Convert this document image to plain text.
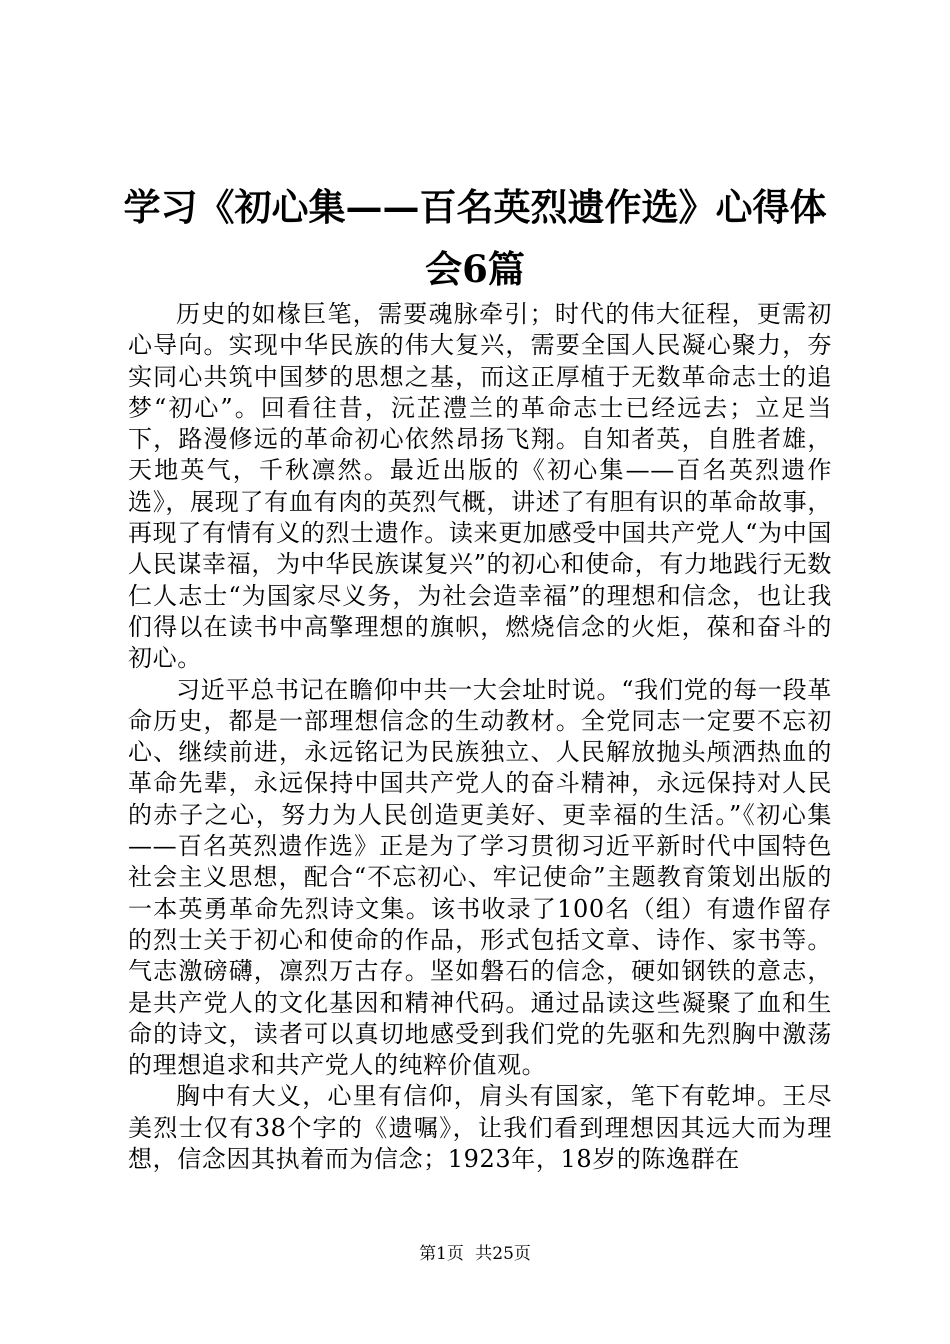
学习《初心集——百名英烈遗作选》心得体会6篇

历史的如椽巨笔，需要魂脉牵引；时代的伟大征程，更需初心导向。实现中华民族的伟大复兴，需要全国人民凝心聚力，夯实同心共筑中国梦的思想之基，而这正厚植于无数革命志士的追梦“初心”。回看往昔，沅芷澧兰的革命志士已经远去；立足当下，路漫修远的革命初心依然昂扬飞翔。自知者英，自胜者雄，天地英气，千秋凛然。最近出版的《初心集——百名英烈遗作选》，展现了有血有肉的英烈气概，讲述了有胆有识的革命故事，再现了有情有义的烈士遗作。读来更加感受中国共产党人“为中国人民谋幸福，为中华民族谋复兴”的初心和使命，有力地践行无数仁人志士“为国家尽义务，为社会造幸福”的理想和信念，也让我们得以在读书中高擎理想的旗帜，燃烧信念的火炬，葆和奋斗的初心。

习近平总书记在瞻仰中共一大会址时说。“我们党的每一段革命历史，都是一部理想信念的生动教材。全党同志一定要不忘初心、继续前进，永远铭记为民族独立、人民解放抛头颅洒热血的革命先辈，永远保持中国共产党人的奋斗精神，永远保持对人民的赤子之心，努力为人民创造更美好、更幸福的生活。”《初心集——百名英烈遗作选》正是为了学习贯彻习近平新时代中国特色社会主义思想，配合“不忘初心、牢记使命”主题教育策划出版的一本英勇革命先烈诗文集。该书收录了100名（组）有遗作留存的烈士关于初心和使命的作品，形式包括文章、诗作、家书等。气志激磅礴，凛烈万古存。坚如磐石的信念，硬如钢铁的意志，是共产党人的文化基因和精神代码。通过品读这些凝聚了血和生命的诗文，读者可以真切地感受到我们党的先驱和先烈胸中激荡的理想追求和共产党人的纯粹价值观。

胸中有大义，心里有信仰，肩头有国家，笔下有乾坤。王尽美烈士仅有38个字的《遗嘱》，让我们看到理想因其远大而为理想，信念因其执着而为信念；1923年，18岁的陈逸群在

第1页 共25页
